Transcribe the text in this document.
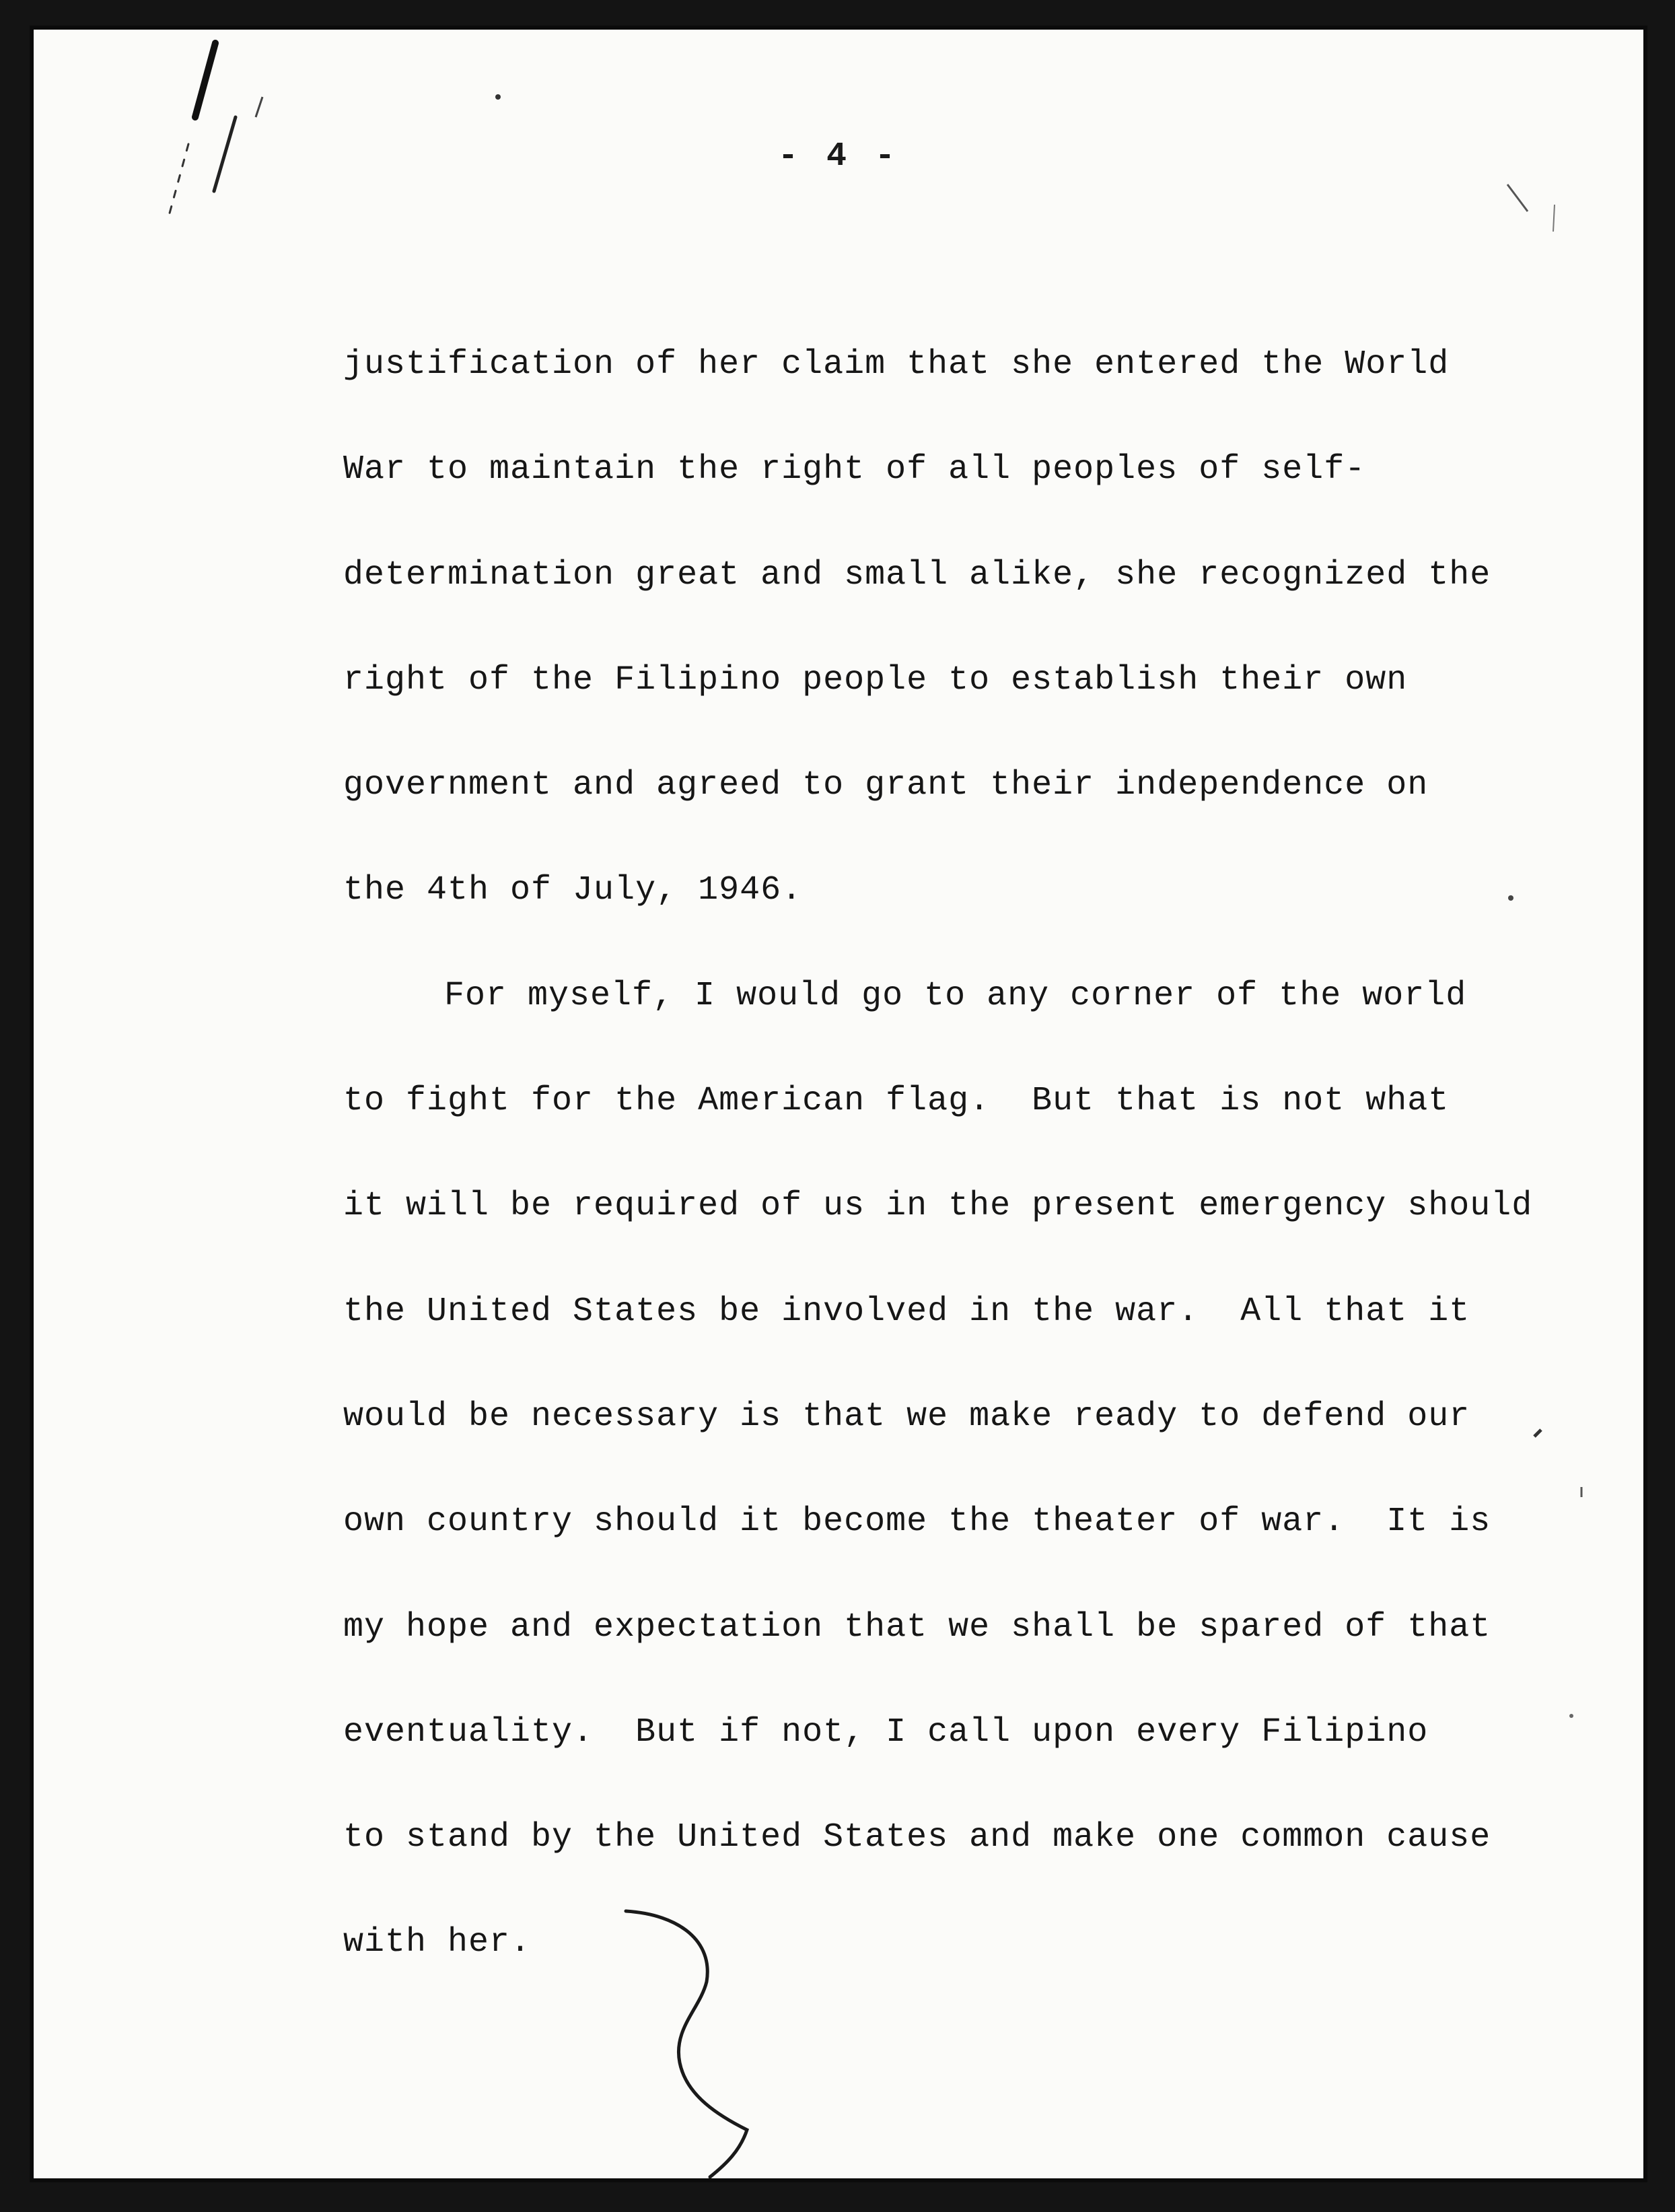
- 4 -
justification of her claim that she entered the World
War to maintain the right of all peoples of self-
determination great and small alike, she recognized the
right of the Filipino people to establish their own
government and agreed to grant their independence on
the 4th of July, 1946.
For myself, I would go to any corner of the world
to fight for the American flag.  But that is not what
it will be required of us in the present emergency should
the United States be involved in the war.  All that it
would be necessary is that we make ready to defend our
own country should it become the theater of war.  It is
my hope and expectation that we shall be spared of that
eventuality.  But if not, I call upon every Filipino
to stand by the United States and make one common cause
with her.
